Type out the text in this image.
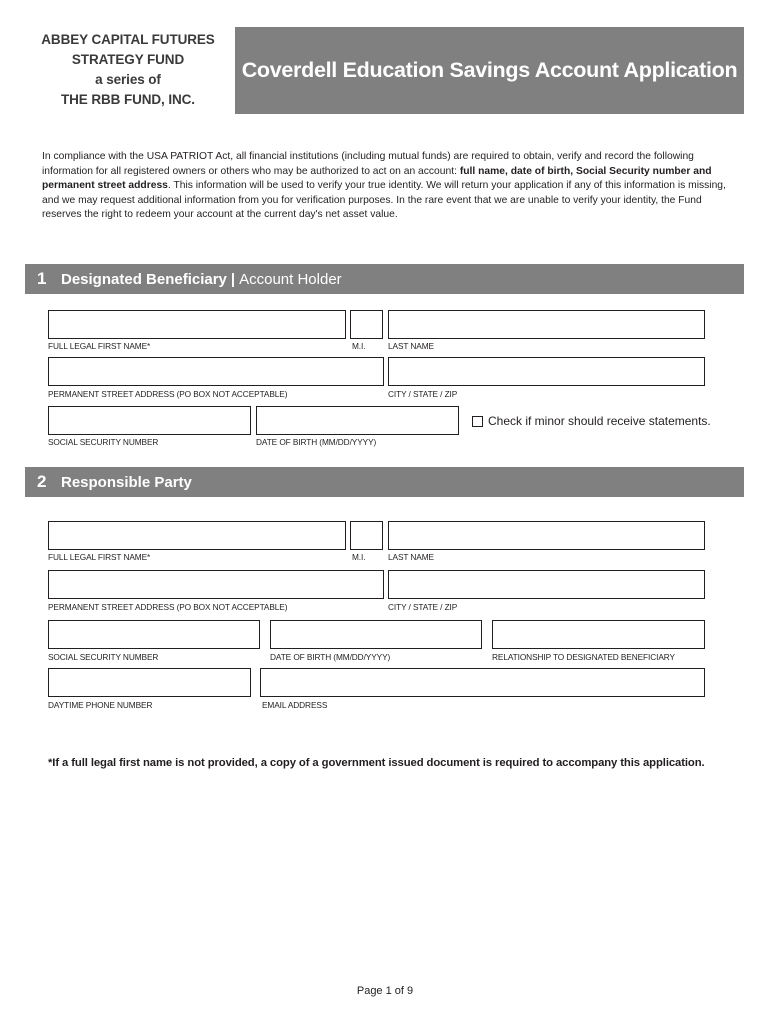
ABBEY CAPITAL FUTURES
STRATEGY FUND
a series of
THE RBB FUND, INC.
Coverdell Education Savings Account Application

In compliance with the USA PATRIOT Act, all financial institutions (including mutual funds) are required to obtain, verify and record the following information for all registered owners or others who may be authorized to act on an account: full name, date of birth, Social Security number and permanent street address. This information will be used to verify your true identity. We will return your application if any of this information is missing, and we may request additional information from you for verification purposes. In the rare event that we are unable to verify your identity, the Fund reserves the right to redeem your account at the current day's net asset value.

1 Designated Beneficiary | Account Holder
FULL LEGAL FIRST NAME*	M.I.	LAST NAME
PERMANENT STREET ADDRESS (PO BOX NOT ACCEPTABLE)	CITY / STATE / ZIP
SOCIAL SECURITY NUMBER	DATE OF BIRTH (MM/DD/YYYY)
Check if minor should receive statements.
2 Responsible Party
FULL LEGAL FIRST NAME*	M.I.	LAST NAME
PERMANENT STREET ADDRESS (PO BOX NOT ACCEPTABLE)	CITY / STATE / ZIP
SOCIAL SECURITY NUMBER	DATE OF BIRTH (MM/DD/YYYY)	RELATIONSHIP TO DESIGNATED BENEFICIARY
DAYTIME PHONE NUMBER	EMAIL ADDRESS
*If a full legal first name is not provided, a copy of a government issued document is required to accompany this application.
Page 1 of 9
